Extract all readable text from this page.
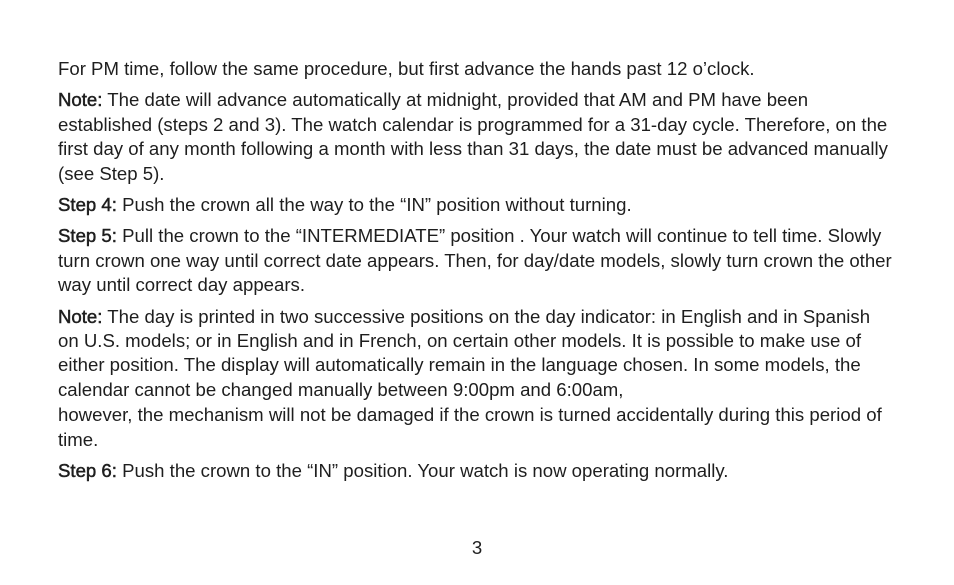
For PM time, follow the same procedure, but first advance the hands past 12 o’clock.

Note: The date will advance automatically at midnight, provided that AM and PM have been established (steps 2 and 3). The watch calendar is programmed for a 31-day cycle. Therefore, on the first day of any month following a month with less than 31 days, the date must be advanced manually (see Step 5).

Step 4: Push the crown all the way to the “IN” position without turning.

Step 5: Pull the crown to the “INTERMEDIATE” position . Your watch will continue to tell time. Slowly turn crown one way until correct date appears. Then, for day/date models, slowly turn crown the other way until correct day appears.

Note: The day is printed in two successive positions on the day indicator: in English and in Spanish on U.S. models; or in English and in French, on certain other models. It is possible to make use of either position. The display will automatically remain in the language chosen. In some models, the calendar cannot be changed manually between 9:00pm and 6:00am,

however, the mechanism will not be damaged if the crown is turned accidentally during this period of time.

Step 6: Push the crown to the “IN” position. Your watch is now operating normally.

3
